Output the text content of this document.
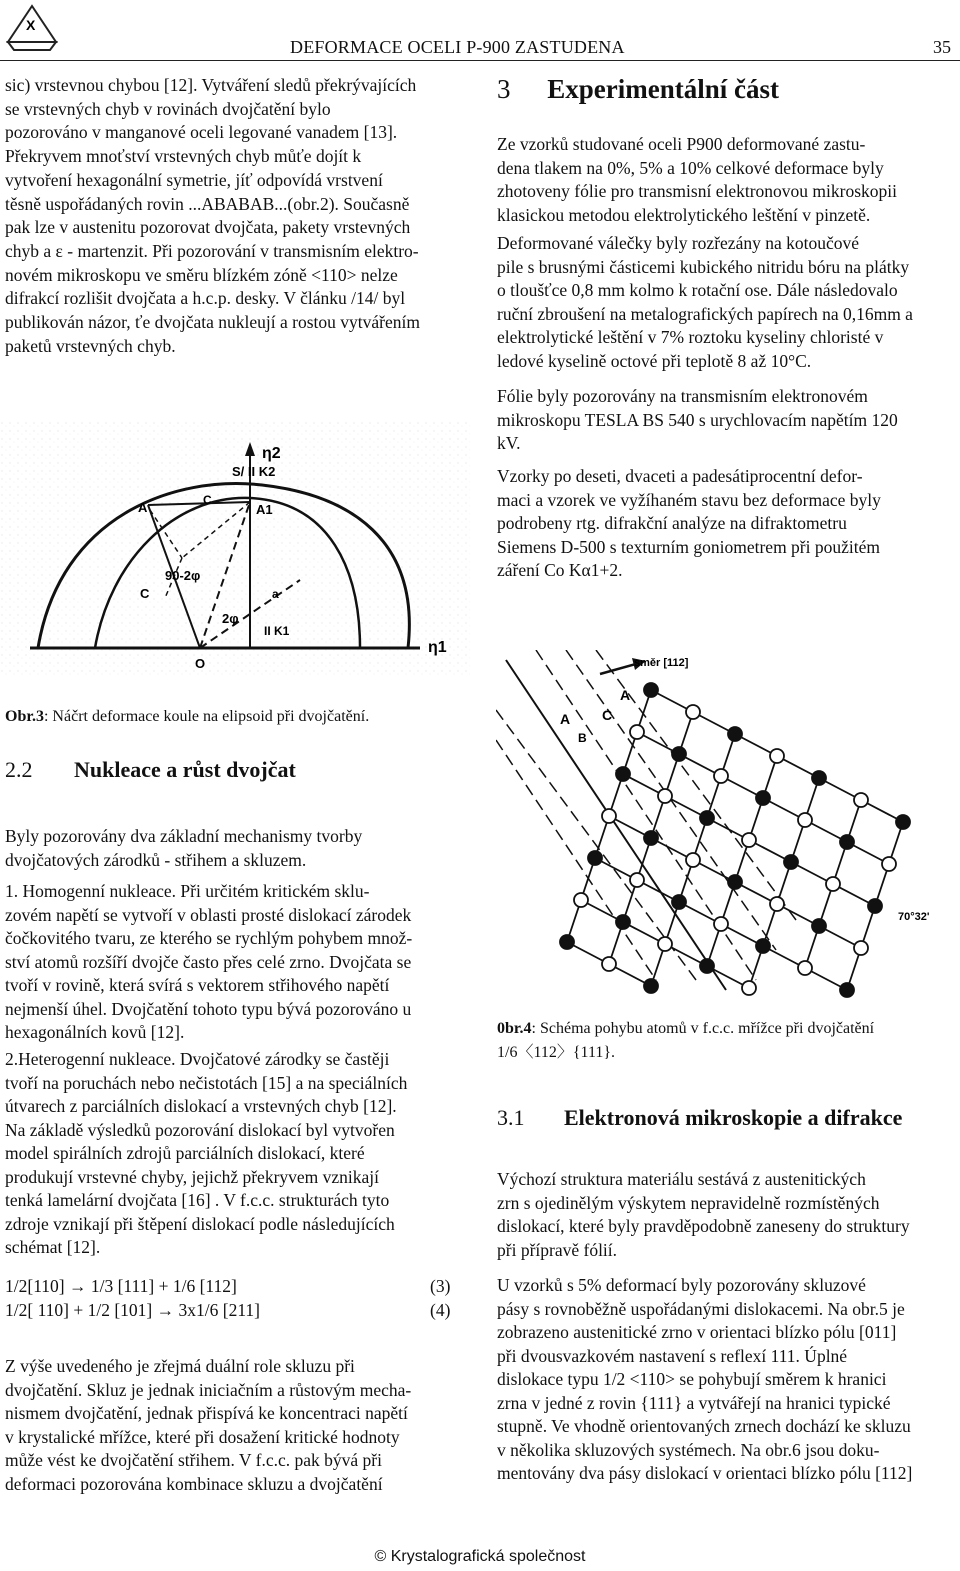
X
DEFORMACE OCELI P-900 ZASTUDENA	35
sic) vrstevnou chybou [12]. Vytváření sledů překrývajících
se vrstevných chyb v rovinách dvojčatění bylo
pozorováno v manganové oceli legované vanadem [13].
Překryvem mnoťství vrstevných chyb můťe dojít k
vytvoření hexagonální symetrie, jíť odpovídá vrstvení
těsně uspořádaných rovin ...ABABAB...(obr.2). Současně
pak lze v austenitu pozorovat dvojčata, pakety vrstevných
chyb a ε - martenzit. Při pozorování v transmisním elektro-
novém mikroskopu ve směru blízkém zóně <110> nelze
difrakcí rozlišit dvojčata a h.c.p. desky. V článku /14/ byl
publikován názor, ťe dvojčata nukleují a rostou vytvářením
paketů vrstevných chyb.
η2
S/ II K2
A	A1
C
C
90-2φ
2φ
a
II K1
O
η1
Obr.3: Náčrt deformace koule na elipsoid při dvojčatění.
2.2 Nukleace a růst dvojčat
Byly pozorovány dva základní mechanismy tvorby
dvojčatových zárodků - střihem a skluzem.
1. Homogenní nukleace. Při určitém kritickém sklu-
zovém napětí se vytvoří v oblasti prosté dislokací zárodek
čočkovitého tvaru, ze kterého se rychlým pohybem množ-
ství atomů rozšíří dvojče často přes celé zrno. Dvojčata se
tvoří v rovině, která svírá s vektorem střihového napětí
nejmenší úhel. Dvojčatění tohoto typu bývá pozorováno u
hexagonálních kovů [12].
2.Heterogenní nukleace. Dvojčatové zárodky se častěji
tvoří na poruchách nebo nečistotách [15] a na speciálních
útvarech z parciálních dislokací a vrstevných chyb [12].
Na základě výsledků pozorování dislokací byl vytvořen
model spirálních zdrojů parciálních dislokací, které
produkují vrstevné chyby, jejichž překryvem vznikají
tenká lamelární dvojčata [16] . V f.c.c. strukturách tyto
zdroje vznikají při štěpení dislokací podle následujících
schémat [12].
1/2[110] → 1/3 [111] + 1/6 [112]	(3)
1/2[ 110] + 1/2 [101] → 3x1/6 [211]	(4)
Z výše uvedeného je zřejmá duální role skluzu při
dvojčatění. Skluz je jednak iniciačním a růstovým mecha-
nismem dvojčatění, jednak přispívá ke koncentraci napětí
v krystalické mřížce, které při dosažení kritické hodnoty
může vést ke dvojčatění střihem. V f.c.c. pak bývá při
deformaci pozorována kombinace skluzu a dvojčatění
3 Experimentální část
Ze vzorků studované oceli P900 deformované zastu-
dena tlakem na 0%, 5% a 10% celkové deformace byly
zhotoveny fólie pro transmisní elektronovou mikroskopii
klasickou metodou elektrolytického leštění v pinzetě.
Deformované válečky byly rozřezány na kotoučové
pile s brusnými částicemi kubického nitridu bóru na plátky
o tloušťce 0,8 mm kolmo k rotační ose. Dále následovalo
ruční zbroušení na metalografických papírech na 0,16mm a
elektrolytické leštění v 7% roztoku kyseliny chloristé v
ledové kyselině octové při teplotě 8 až 10°C.
Fólie byly pozorovány na transmisním elektronovém
mikroskopu TESLA BS 540 s urychlovacím napětím 120
kV.
Vzorky po deseti, dvaceti a padesátiprocentní defor-
maci a vzorek ve vyžíhaném stavu bez deformace byly
podrobeny rtg. difrakční analýze na difraktometru
Siemens D-500 s texturním goniometrem při použitém
záření Co Kα1+2.
směr [112]
A
C
A
B
70°32'
0br.4: Schéma pohybu atomů v f.c.c. mřížce při dvojčatění
1/6〈112〉{111}.
3.1 Elektronová mikroskopie a difrakce
Výchozí struktura materiálu sestává z austenitických
zrn s ojedinělým výskytem nepravidelně rozmístěných
dislokací, které byly pravděpodobně zaneseny do struktury
při přípravě fólií.
U vzorků s 5% deformací byly pozorovány skluzové
pásy s rovnoběžně uspořádanými dislokacemi. Na obr.5 je
zobrazeno austenitické zrno v orientaci blízko pólu [011]
při dvousvazkovém nastavení s reflexí 111. Úplné
dislokace typu 1/2 <110> se pohybují směrem k hranici
zrna v jedné z rovin {111} a vytvářejí na hranici typické
stupně. Ve vhodně orientovaných zrnech dochází ke skluzu
v několika skluzových systémech. Na obr.6 jsou doku-
mentovány dva pásy dislokací v orientaci blízko pólu [112]
© Krystalografická společnost
